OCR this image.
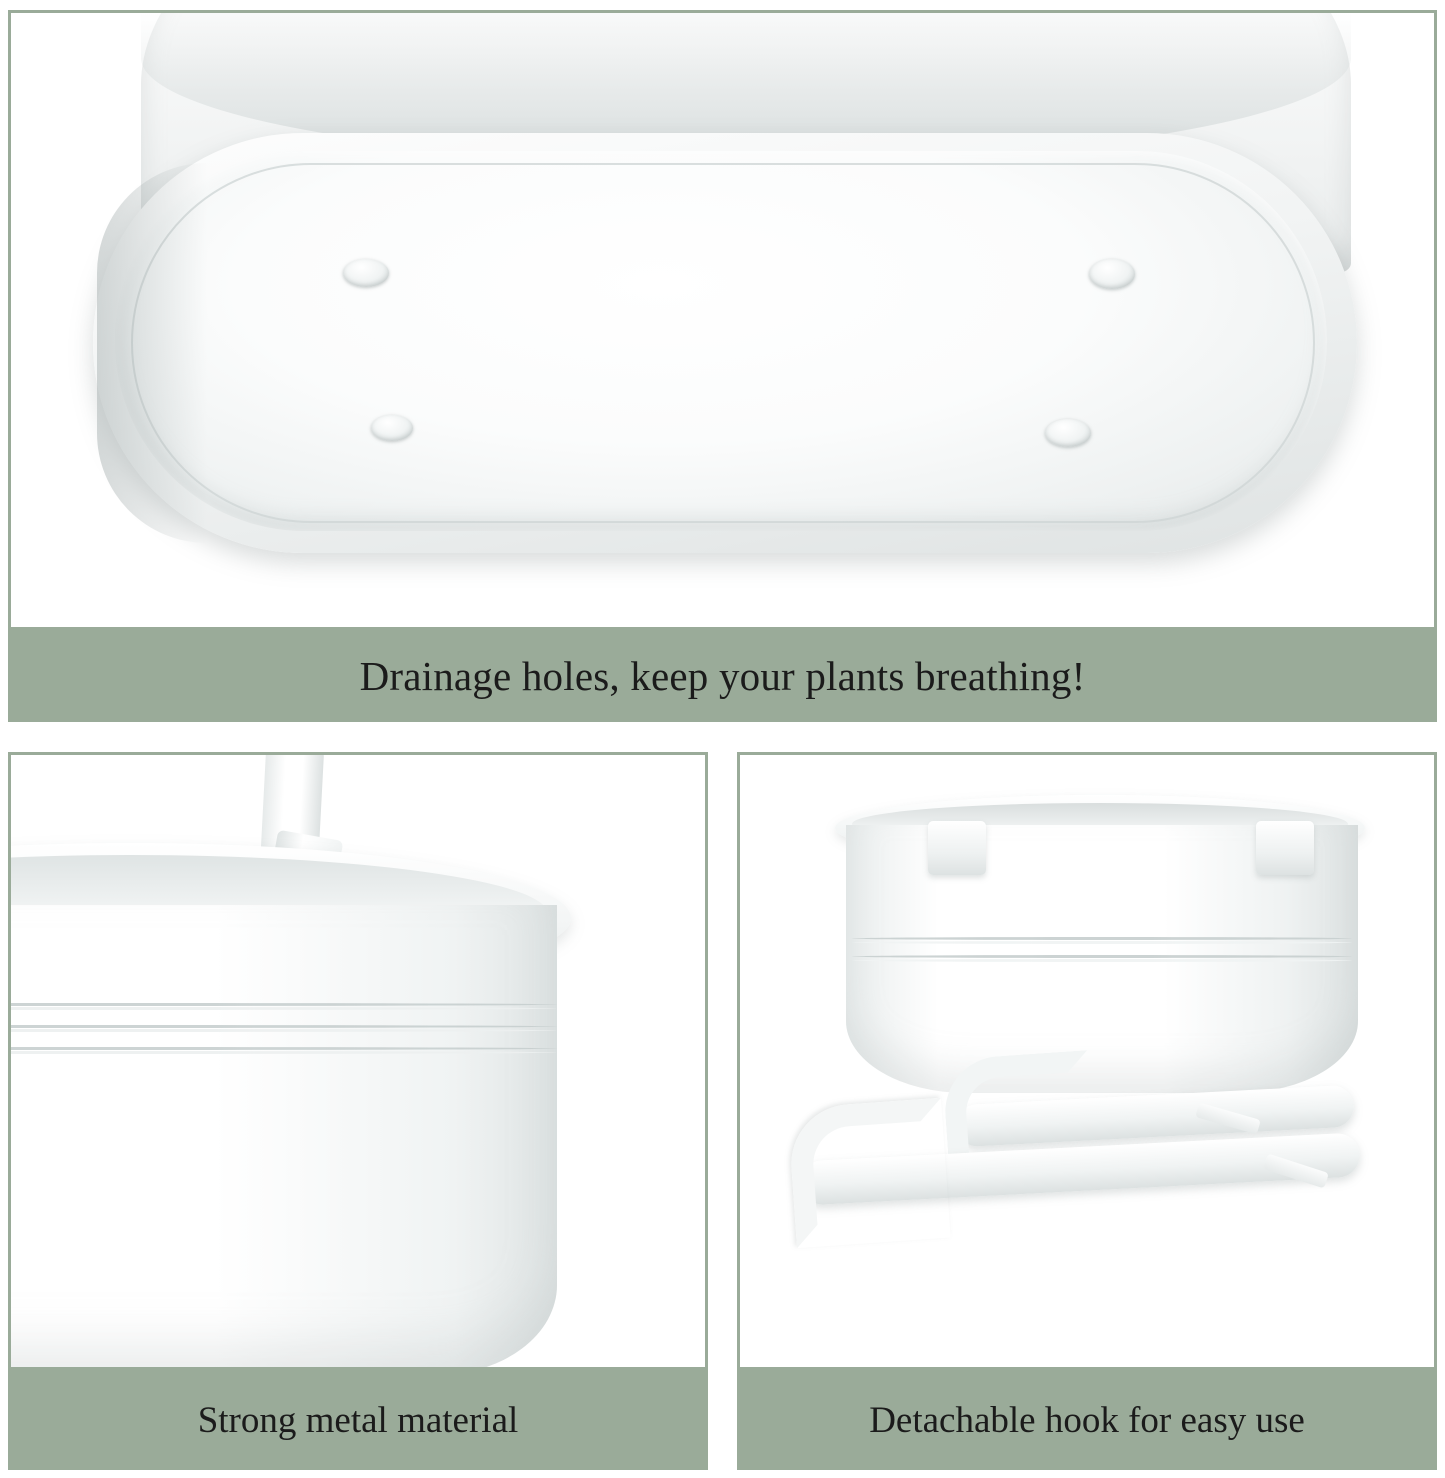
Drainage holes, keep your plants breathing!
Strong metal material	Detachable hook for easy use
